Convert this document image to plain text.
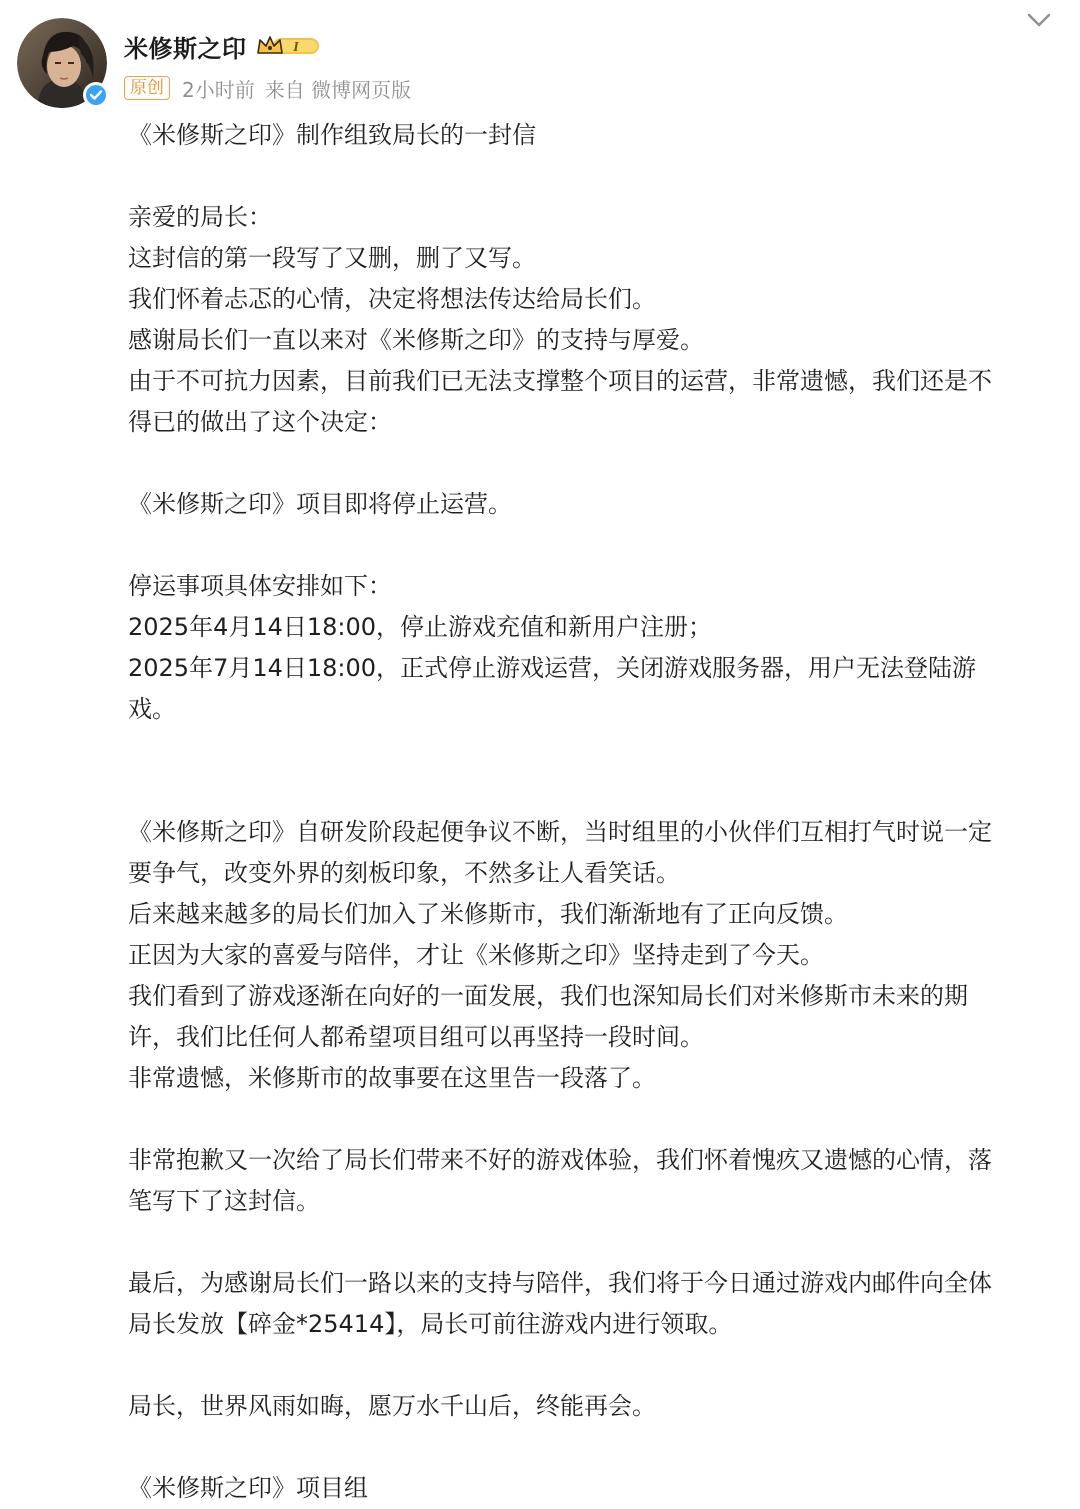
米修斯之印	I
原创 2小时前 来自 微博网页版
《米修斯之印》制作组致局长的一封信
亲爱的局长：
这封信的第一段写了又删，删了又写。
我们怀着忐忑的心情，决定将想法传达给局长们。
感谢局长们一直以来对《米修斯之印》的支持与厚爱。
由于不可抗力因素，目前我们已无法支撑整个项目的运营，非常遗憾，我们还是不
得已的做出了这个决定：
《米修斯之印》项目即将停止运营。
停运事项具体安排如下：
2025年4月14日18:00，停止游戏充值和新用户注册；
2025年7月14日18:00，正式停止游戏运营，关闭游戏服务器，用户无法登陆游
戏。
《米修斯之印》自研发阶段起便争议不断，当时组里的小伙伴们互相打气时说一定
要争气，改变外界的刻板印象，不然多让人看笑话。
后来越来越多的局长们加入了米修斯市，我们渐渐地有了正向反馈。
正因为大家的喜爱与陪伴，才让《米修斯之印》坚持走到了今天。
我们看到了游戏逐渐在向好的一面发展，我们也深知局长们对米修斯市未来的期
许，我们比任何人都希望项目组可以再坚持一段时间。
非常遗憾，米修斯市的故事要在这里告一段落了。
非常抱歉又一次给了局长们带来不好的游戏体验，我们怀着愧疚又遗憾的心情，落
笔写下了这封信。
最后，为感谢局长们一路以来的支持与陪伴，我们将于今日通过游戏内邮件向全体
局长发放【碎金*25414】，局长可前往游戏内进行领取。
局长，世界风雨如晦，愿万水千山后，终能再会。
《米修斯之印》项目组
